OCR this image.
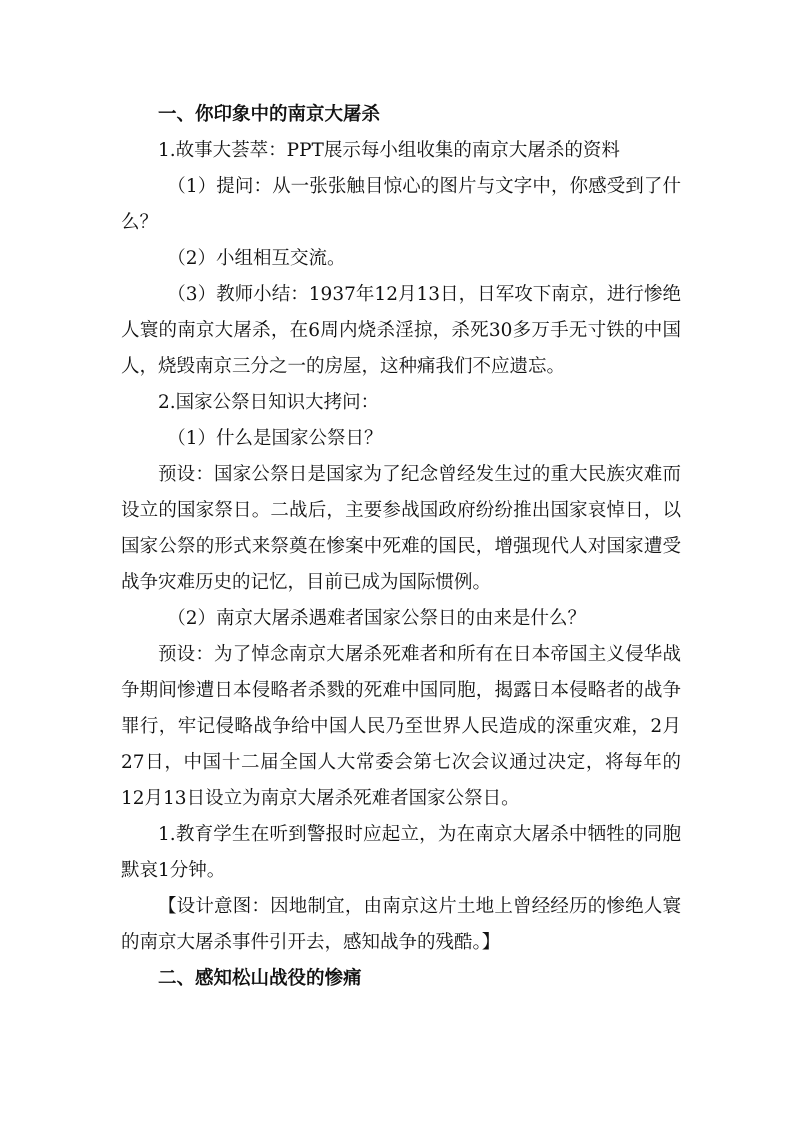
一、你印象中的南京大屠杀

1.故事大荟萃：PPT展示每小组收集的南京大屠杀的资料

（1）提问：从一张张触目惊心的图片与文字中，你感受到了什么？

（2）小组相互交流。

（3）教师小结：1937年12月13日，日军攻下南京，进行惨绝人寰的南京大屠杀，在6周内烧杀淫掠，杀死30多万手无寸铁的中国人，烧毁南京三分之一的房屋，这种痛我们不应遗忘。

2.国家公祭日知识大拷问：

（1）什么是国家公祭日？

预设：国家公祭日是国家为了纪念曾经发生过的重大民族灾难而设立的国家祭日。二战后，主要参战国政府纷纷推出国家哀悼日，以国家公祭的形式来祭奠在惨案中死难的国民，增强现代人对国家遭受战争灾难历史的记忆，目前已成为国际惯例。

（2）南京大屠杀遇难者国家公祭日的由来是什么？

预设：为了悼念南京大屠杀死难者和所有在日本帝国主义侵华战争期间惨遭日本侵略者杀戮的死难中国同胞，揭露日本侵略者的战争罪行，牢记侵略战争给中国人民乃至世界人民造成的深重灾难，2月27日，中国十二届全国人大常委会第七次会议通过决定，将每年的12月13日设立为南京大屠杀死难者国家公祭日。

1.教育学生在听到警报时应起立，为在南京大屠杀中牺牲的同胞默哀1分钟。

【设计意图：因地制宜，由南京这片土地上曾经经历的惨绝人寰的南京大屠杀事件引开去，感知战争的残酷。】

二、感知松山战役的惨痛
